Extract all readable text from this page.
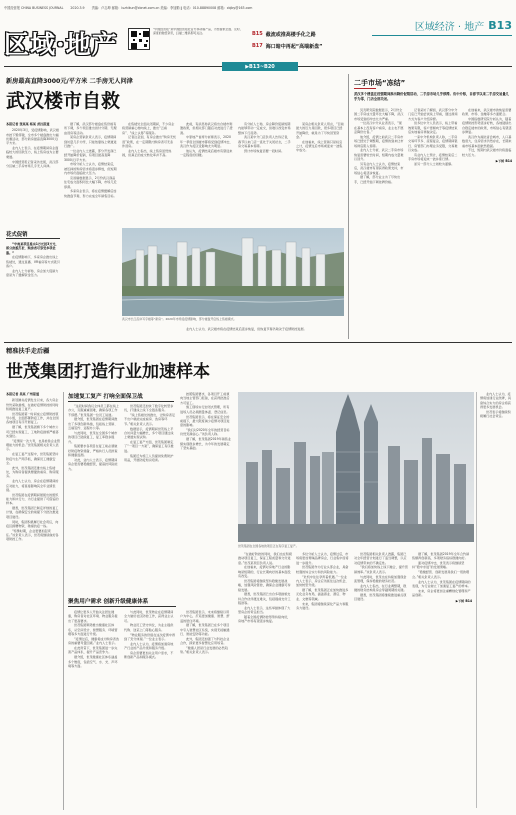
中国经营报 CHINA BUSINESS JOURNAL 2020.3.9 责编：卢志坤 邮箱：luzhikun@cbnet.com.cn 美编：李加勤 ‖ 电话：010-88890008 邮箱：cbjby@163.com
区域·地产
“中国经营报”是中国经营报社官方移动端产品，为您提供全面、及时、深度的财经资讯，扫描二维码即可关注。	B15 截流或推高楼手化之路
B17 海口暗中再起“高端新盘”
区域经济 · 地产 B13
▶B13~B20
新房最高直降3000元/平方米 二手房无人问津
武汉楼市自救
本报记者 张某某 杨某 武汉报道

2020年3月，受疫情影响，武汉楼市按下暂停键，全市多个楼盘推出大幅优惠活动，部分新房最高直降3000元/平方米。

业内人士表示，在疫情期间房企面临较大的回款压力，线上售房成为主要渠道。

中国经营报记者采访发现，武汉部分区域二手房市场几乎无人问津。

花式促销

“中南某项目推出1万元抵3万元，部分房源打折，购房者可享受多项优惠。”

在疫情影响下，多家房企推出线上售楼处，通过直播、VR看房等方式吸引客户。

业内人士分析称，房企加大促销力度是为了缓解资金压力。

据了解，武汉部分楼盘在售价格有所下调，多个项目推出首付分期、无理由退房等活动。

某房企营销负责人表示，疫情期间到访量几乎为零，只能依靠线上渠道进行推广。

一位业内人士透露，部分开发商已经开始降价促销，有项目最高直降3000元/平方米。

市场分析人士认为，疫情结束后，被压抑的购房需求将逐步释放，但短期内市场仍面临较大压力。

克而瑞数据显示，2月份武汉商品住宅成交面积同比大幅下降，市场几近停滞。

多家房企表示，将在疫情缓解后加快推盘节奏，努力完成全年销售目标。

在售楼处全面关闭期间，不少房企将营销重心转向线上，推出“云看房”、“线上认筹”等服务。

记者注意到，有房企推出“购房无忧退”政策，在一定期限内购房者可无条件退房。

业内人士指出，线上售房虽然热闹，但真正的成交转化率并不高。

此前，有消息称武汉将出台楼市刺激政策，但相关部门随后对此进行了澄清。

中原地产首席分析师表示，2020年一季度全国楼市都将受到疫情冲击，武汉作为疫区受影响尤为明显。

他认为，疫情结束后楼市有望迎来一定程度的回暖。

有分析人士称，房企降价促销短期内能够带动一定成交，但难以改变市场整体下行趋势。

武汉某中介门店负责人告诉记者，春节以来门店一直处于关闭状态，二手房交易基本停滞。

预计市场恢复需要一段时间。

武汉市长江沿岸写字楼等“新房”。2020年市场受疫情影响，部分楼盘开启线上售楼模式。

业内人士认为，武汉楼市将在疫情结束后逐步恢复，但恢复节奏仍取决于疫情防控进展。

某房企相关负责人坦言，“目前最大的压力是回款，很多项目已经开始降价，就是为了尽快回笼资金。”

在他看来，线上营销只是权宜之计，疫情过后市场或迎来一波集中成交。

二手市场“冻结”
武汉多个楼盘在疫情期间推出降价促销活动，二手房市场几乎停滞。有中介称，自春节以来二手房交易量几乎为零，门店全部关闭。

贝壳研究院数据显示，2月份全国二手房成交量环比大幅下降，武汉市场受到的冲击尤为严重。

一位武汉中介从业者表示，“现在基本上没有客户看房，业主也不愿意降价出售。”

他介绍，疫情之前武汉二手房市场已经处于调整期，疫情的到来让市场彻底陷入停滞。

业内人士分析，武汉二手房市场恢复需要较长时间，短期内成交量难以回升。

另有业内人士认为，疫情结束后，武汉楼市有望获得政策支持，市场信心将逐步恢复。

据了解，部分业主为了尽快出手，已经开始下调挂牌价格。

记者采访了解到，武汉部分中介门店已开始尝试线上带看，通过视频方式为客户介绍房源。

但多位中介人员表示，线上带看效果有限，客户更倾向于等疫情结束后实地看房再做决定。

一家中介机构负责人称，二手房交易环节多、流程复杂，疫情期间银行、房管部门办理业务受限，交易难以完成。

有业内人士预计，疫情结束后二手房市场将迎来一波补涨行情。

而另一部分人士则较为谨慎。

在他看来，武汉楼市的恢复需要政策、市场、金融等多方面配合。

中国指数研究院分析认为，随着疫情防控形势逐步好转，各地陆续出台稳定楼市的政策，市场信心有望逐步修复。

武汉作为湖北省会城市，人口基数庞大，住房需求仍然存在，长期来看市场基本面依然稳固。

不过，短期内武汉楼市仍将面临较大压力。

▶下转 B14
精准扶手走后疆
世茂集团打造行业加速样本
本报记者 吴某 广州报道

新冠肺炎疫情发生以来，各大房企纷纷采取措施，在做好疫情防控的同时积极推进复工复产。

世茂集团第一时间成立疫情防控领导小组，全面部署防疫工作，并在全国各地项目有序开展复工。

据了解，世茂集团旗下多个城市公司已经实现复工，工地防疫措施严格落实到位。

“疫情是一次大考，也是检验企业管理能力的机会。”世茂集团相关负责人表示。

在复工复产过程中，世茂集团坚持防疫与生产两手抓，确保员工健康安全。

此外，世茂集团还推出线上售楼处，为购房者提供便捷的看房、购房服务。

业内人士认为，房企在疫情期间的应对能力，将直接影响其全年业绩表现。

世茂集团在疫情期间展现出的组织能力和执行力，为行业提供了可借鉴的样本。

据悉，世茂集团已制定详细的复工计划，在确保安全的前提下分批次推进项目建设。

同时，集团积极履行社会责任，向疫区捐赠物资，驰援抗疫一线。

“特殊时期，企业更要担起责任。”该负责人表示，世茂将继续做好各项防控工作。

加速复工复产 打响全面保卫战

“这段时间我们全体员工都在线上办公，克服重重困难，确保各项工作不停摆。”世茂集团一位员工说道。

据介绍，世茂集团在疫情期间推出了多项创新举措，包括线上营销、云端签约、远程办公等。

与此同时，世茂在全国多个城市的项目已陆续复工，复工率稳步提升。

集团要求各项目在复工前必须做好防疫物资储备，严格执行人员排查和健康监测。

对此，业内人士表示，疫情期间房企更需要稳健经营，提高抗风险能力。

世茂集团还加快了数字化转型步伐，打通线上线下全链条服务。

“线上售楼处的推出，让购房者足不出户就能完成看房、选房等环节。”相关负责人表示。

数据显示，疫情期间世茂线上平台访问量大幅增长，多个项目通过线上渠道实现认购。

在复工复产方面，世茂集团制定了“一项目一方案”，确保复工有序推进。

集团还为施工人员提供免费防护用品，开展防疫知识培训。

按照集团要求，各项目开工前须向当地主管部门报备，在获得批准后方可复工。

施工现场实行封闭式管理，所有进场人员必须测量体温、登记信息。

世茂集团表示，将在保证安全的前提下，最大限度减少疫情对项目进度的影响。

“我们对2020年全年的经营目标仍然充满信心。”该负责人称。

据了解，世茂集团2019年销售业绩实现稳步增长，为今年的发展奠定了坚实基础。

聚焦用户需求 创新升级健康体系

疫情让更多人开始关注居住健康，购房者对社区环境、物业服务提出了更高要求。

世茂集团顺势推出健康社区体系，从空间设计、智慧服务、环境管理等多方面进行升级。

“疫情过后，健康将成为购房者选房的重要考量因素。”业内人士表示。

在此背景下，世茂集团进一步完善产品体系，提升产品竞争力。

据介绍，世茂健康社区体系涵盖多个维度，包括空气、水、光、声环境等方面。

与此同时，世茂物业在疫情期间全力做好社区防控工作，获得业主认可。

物业员工坚守岗位，为业主提供代购、送菜上门等贴心服务。

“物业服务的价值在这次疫情中得到了充分体现。”一位业主表示。

业内人士认为，疫情将加速房地产行业的产品升级和服务升级。

房企需要更加关注用户需求，不断创新产品和服务模式。

世茂集团表示，未来将继续以用户为中心，打造更加健康、智慧、舒适的居住环境。

据了解，世茂集团已在多个项目中引入智慧社区系统，实现无接触通行、智能安防等功能。

此外，集团还加强了与科技企业合作，探索更多智慧化应用场景。

“健康人居是行业发展的必然趋势。”相关负责人表示。

世茂集团在全国各地的项目正在有序复工复产。

“在做好防控的同时，我们也在积极推动项目复工，保证工程质量和交付进度。”世茂某项目负责人说。

在他看来，疫情对房地产行业的影响是短期的，行业长期向好的基本面没有改变。

世茂集团将继续坚持稳健发展战略，加强风险管控，确保企业健康可持续发展。

据悉，世茂集团已出台多项措施支持合作伙伴渡过难关，包括提前支付工程款等。

业内人士表示，这些举措体现了大型房企的责任担当。

随着全国疫情防控形势持续向好，房地产市场有望逐步恢复。

多位分析人士认为，疫情过后，市场将更加青睐品牌房企，行业集中度将进一步提升。

世茂集团作为行业头部企业，具备较强的综合实力和抗风险能力。

“危机中往往孕育着机遇。”一位业内人士表示，房企应该抓住这次机会，加快转型升级。

据了解，世茂集团正在加快推进多元化业务布局，涵盖商业、酒店、物业、文旅等领域。

未来，集团将继续深化产品力和服务力建设。

世茂集团相关负责人透露，集团已对全年经营计划进行了适当调整，以应对疫情带来的不确定性。

“我们将加快线上线下融合，提升营销效率。”该负责人表示。

与此同时，世茂也在持续加强现金流管理，保持稳健的财务状况。

业内人士指出，在行业调整期，稳健的财务结构是房企穿越周期的关键。

据悉，世茂集团将继续推进重点项目建设。

据了解，世茂集团2019年全年合约销售额再创新高，多项财务指标稳健向好。

面对疫情冲击，世茂表示将继续坚持“稳中求进”的发展策略。

“稳健经营、创新发展是我们一贯的理念。”相关负责人表示。

业内人士认为，世茂集团在疫情期间的表现，为行业树立了加速复工复产的样本。

未来，房企将更加注重精细化管理和产品创新。

▶下转 B14

业内人士认为，疫情将加速行业洗牌，具备综合实力的房企将获得更多发展机会。

世茂表示将继续积极履行社会责任。
